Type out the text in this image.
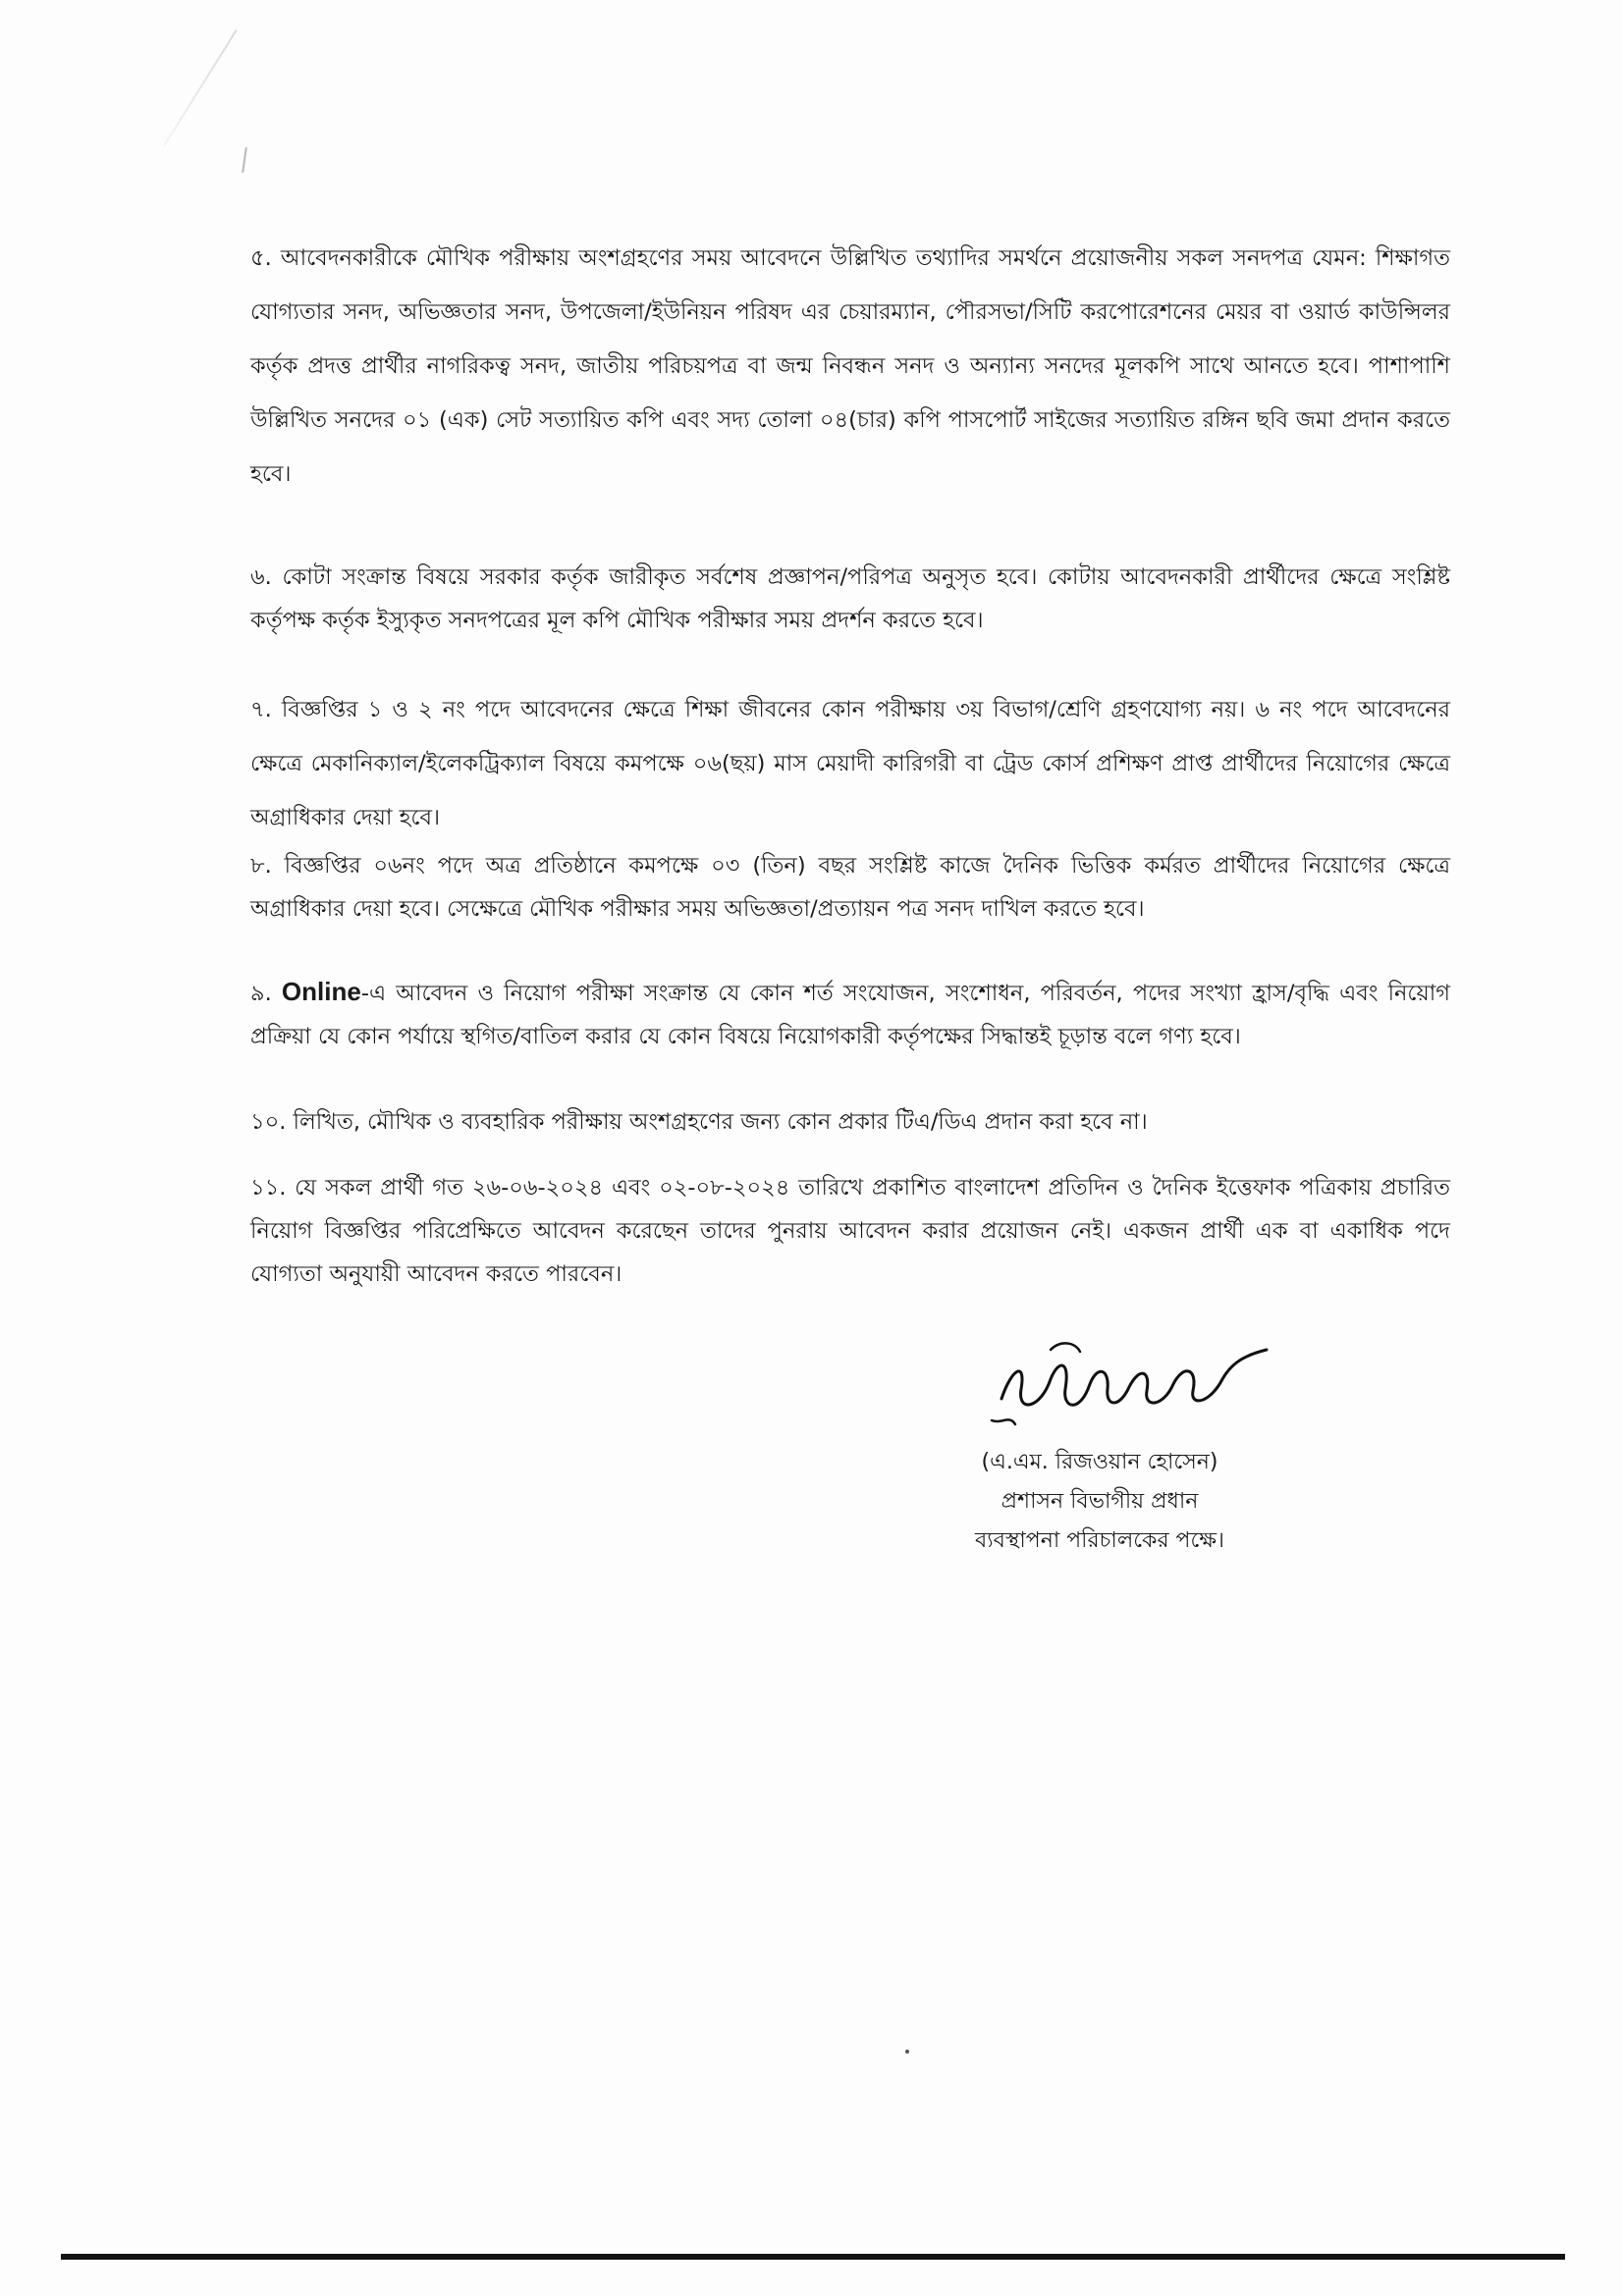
৫. আবেদনকারীকে মৌখিক পরীক্ষায় অংশগ্রহণের সময় আবেদনে উল্লিখিত তথ্যাদির সমর্থনে প্রয়োজনীয় সকল সনদপত্র যেমন: শিক্ষাগত যোগ্যতার সনদ, অভিজ্ঞতার সনদ, উপজেলা/ইউনিয়ন পরিষদ এর চেয়ারম্যান, পৌরসভা/সিটি করপোরেশনের মেয়র বা ওয়ার্ড কাউন্সিলর কর্তৃক প্রদত্ত প্রার্থীর নাগরিকত্ব সনদ, জাতীয় পরিচয়পত্র বা জন্ম নিবন্ধন সনদ ও অন্যান্য সনদের মূলকপি সাথে আনতে হবে। পাশাপাশি উল্লিখিত সনদের ০১ (এক) সেট সত্যায়িত কপি এবং সদ্য তোলা ০৪(চার) কপি পাসপোর্ট সাইজের সত্যায়িত রঙ্গিন ছবি জমা প্রদান করতে হবে।

৬. কোটা সংক্রান্ত বিষয়ে সরকার কর্তৃক জারীকৃত সর্বশেষ প্রজ্ঞাপন/পরিপত্র অনুসৃত হবে। কোটায় আবেদনকারী প্রার্থীদের ক্ষেত্রে সংশ্লিষ্ট কর্তৃপক্ষ কর্তৃক ইস্যুকৃত সনদপত্রের মূল কপি মৌখিক পরীক্ষার সময় প্রদর্শন করতে হবে।

৭. বিজ্ঞপ্তির ১ ও ২ নং পদে আবেদনের ক্ষেত্রে শিক্ষা জীবনের কোন পরীক্ষায় ৩য় বিভাগ/শ্রেণি গ্রহণযোগ্য নয়। ৬ নং পদে আবেদনের ক্ষেত্রে মেকানিক্যাল/ইলেকট্রিক্যাল বিষয়ে কমপক্ষে ০৬(ছয়) মাস মেয়াদী কারিগরী বা ট্রেড কোর্স প্রশিক্ষণ প্রাপ্ত প্রার্থীদের নিয়োগের ক্ষেত্রে অগ্রাধিকার দেয়া হবে।

৮. বিজ্ঞপ্তির ০৬নং পদে অত্র প্রতিষ্ঠানে কমপক্ষে ০৩ (তিন) বছর সংশ্লিষ্ট কাজে দৈনিক ভিত্তিক কর্মরত প্রার্থীদের নিয়োগের ক্ষেত্রে অগ্রাধিকার দেয়া হবে। সেক্ষেত্রে মৌখিক পরীক্ষার সময় অভিজ্ঞতা/প্রত্যায়ন পত্র সনদ দাখিল করতে হবে।

৯. Online-এ আবেদন ও নিয়োগ পরীক্ষা সংক্রান্ত যে কোন শর্ত সংযোজন, সংশোধন, পরিবর্তন, পদের সংখ্যা হ্রাস/বৃদ্ধি এবং নিয়োগ প্রক্রিয়া যে কোন পর্যায়ে স্থগিত/বাতিল করার যে কোন বিষয়ে নিয়োগকারী কর্তৃপক্ষের সিদ্ধান্তই চূড়ান্ত বলে গণ্য হবে।

১০. লিখিত, মৌখিক ও ব্যবহারিক পরীক্ষায় অংশগ্রহণের জন্য কোন প্রকার টিএ/ডিএ প্রদান করা হবে না।

১১. যে সকল প্রার্থী গত ২৬-০৬-২০২৪ এবং ০২-০৮-২০২৪ তারিখে প্রকাশিত বাংলাদেশ প্রতিদিন ও দৈনিক ইত্তেফাক পত্রিকায় প্রচারিত নিয়োগ বিজ্ঞপ্তির পরিপ্রেক্ষিতে আবেদন করেছেন তাদের পুনরায় আবেদন করার প্রয়োজন নেই। একজন প্রার্থী এক বা একাধিক পদে যোগ্যতা অনুযায়ী আবেদন করতে পারবেন।

(এ.এম. রিজওয়ান হোসেন)
প্রশাসন বিভাগীয় প্রধান
ব্যবস্থাপনা পরিচালকের পক্ষে।
